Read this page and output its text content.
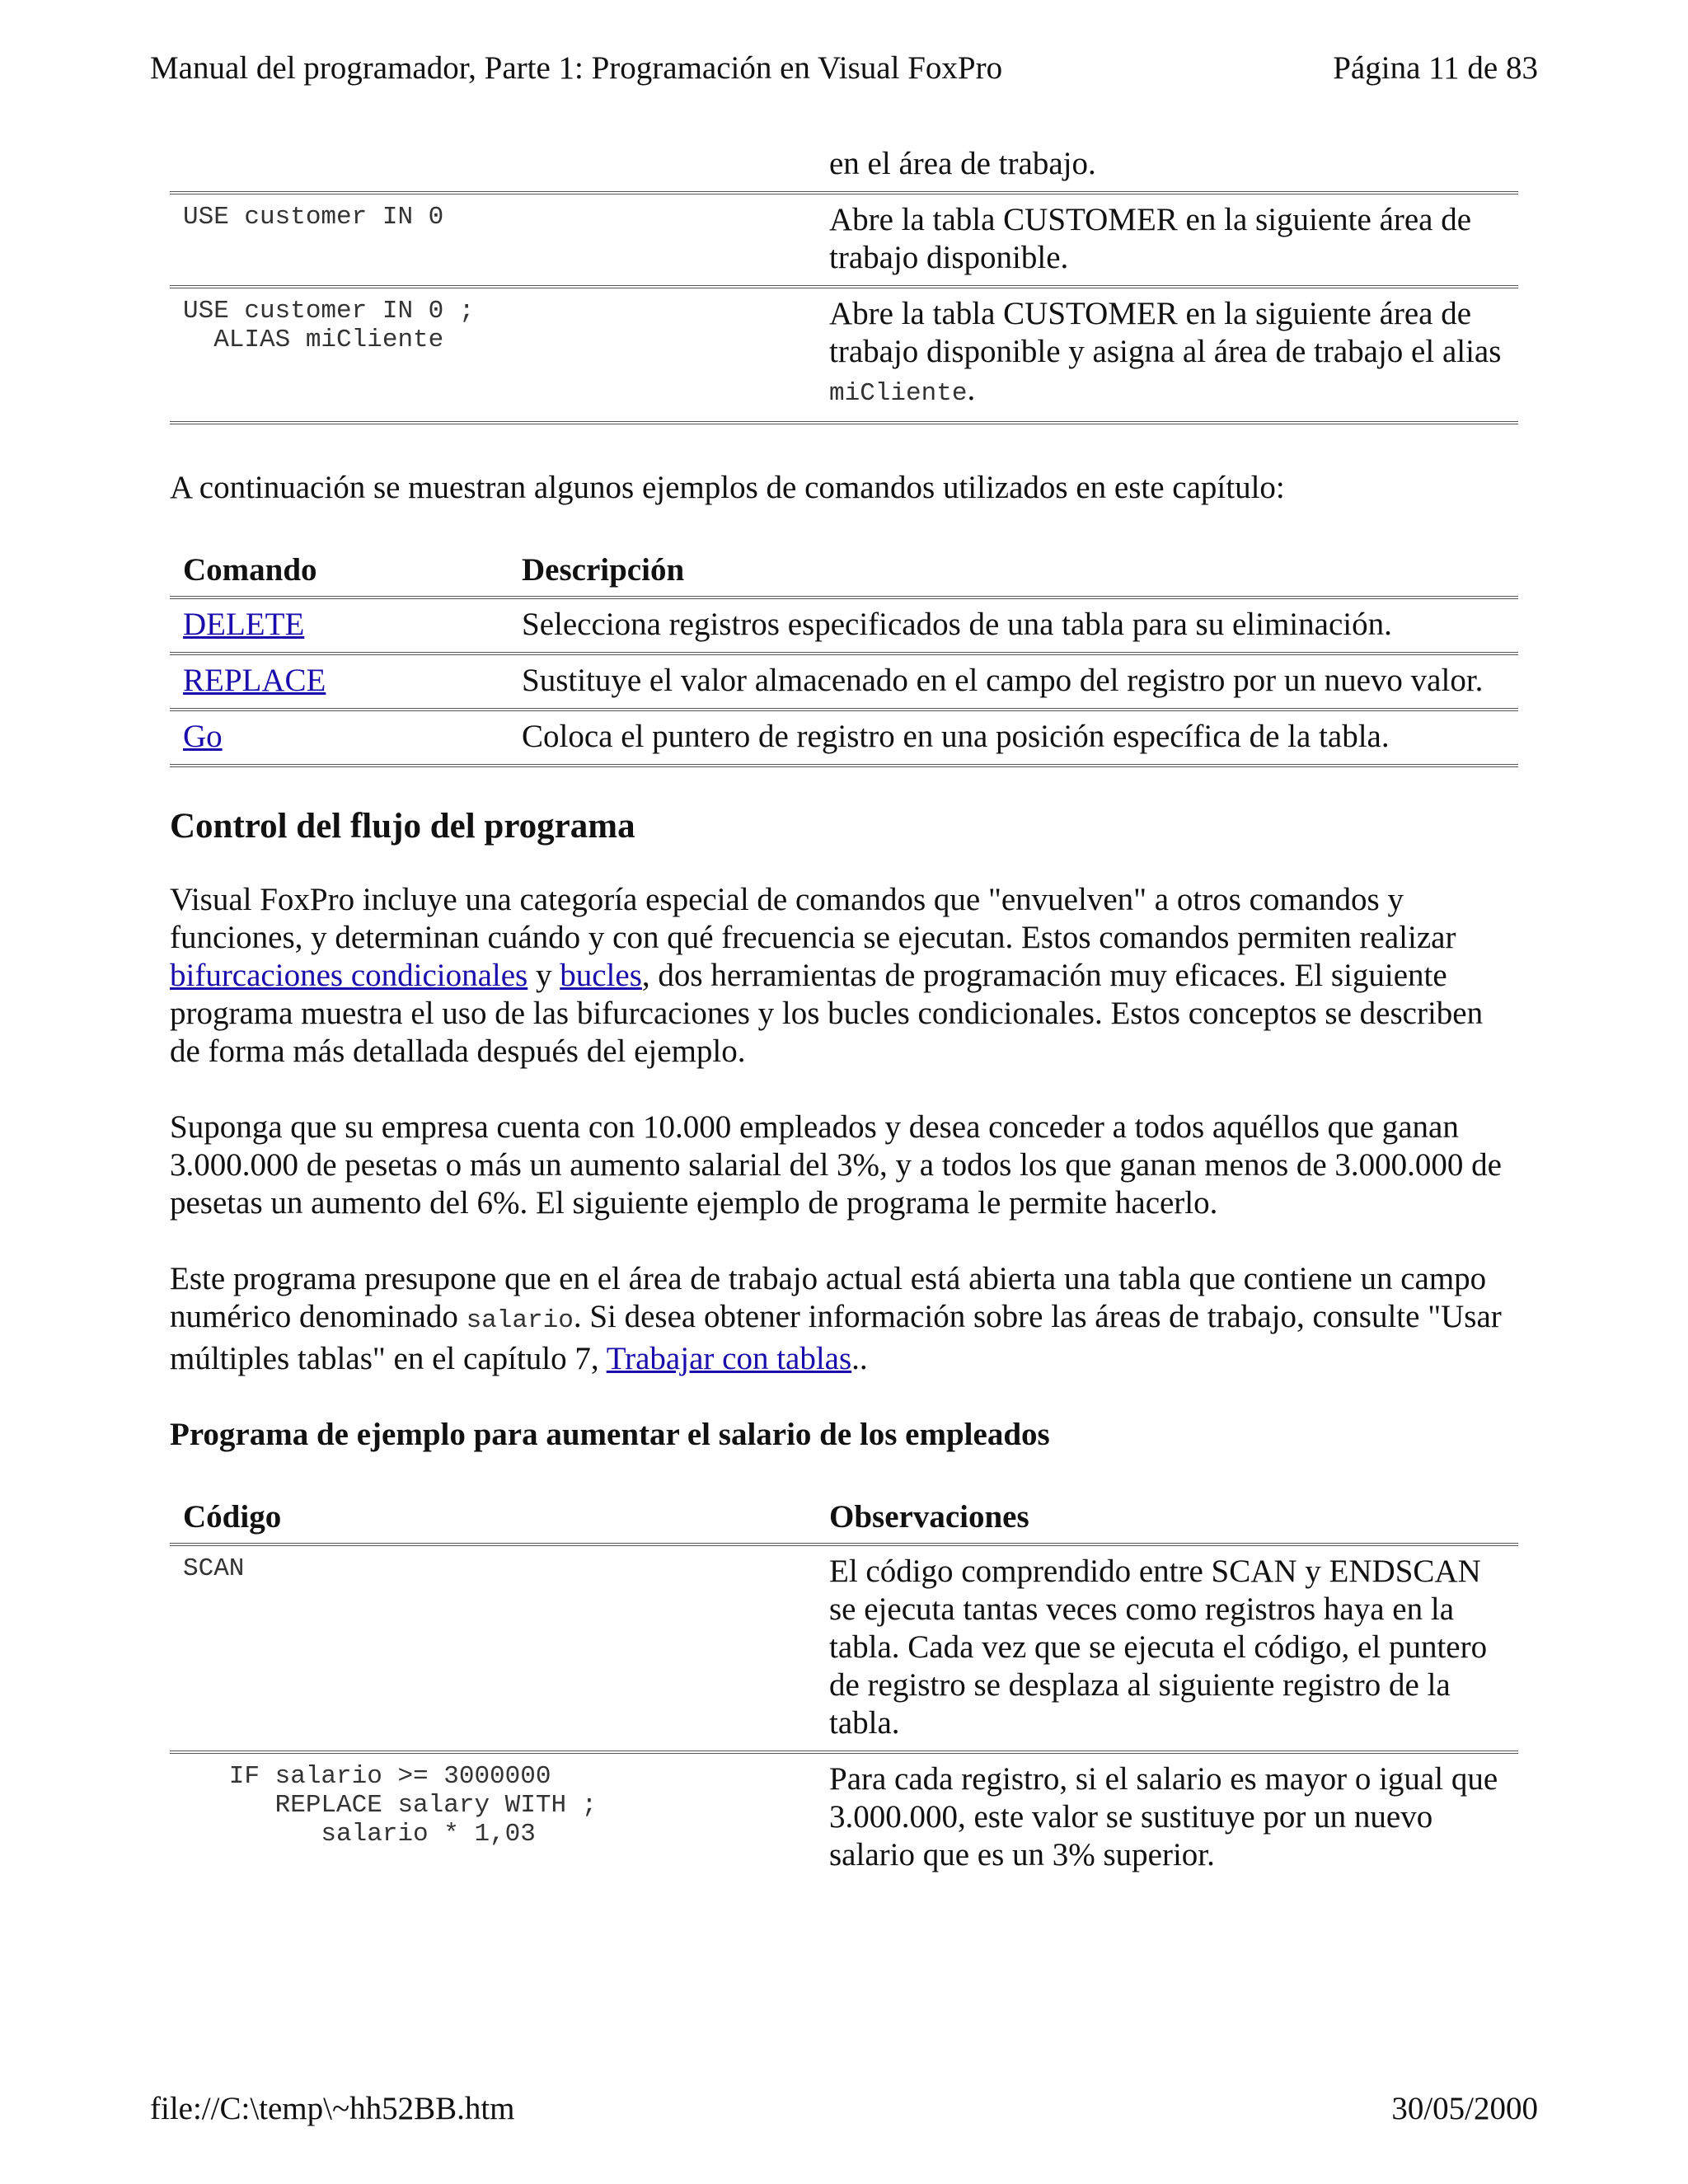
Manual del programador, Parte 1: Programación en Visual FoxPro	Página 11 de 83
	en el área de trabajo.
USE customer IN 0	Abre la tabla CUSTOMER en la siguiente área de trabajo disponible.
USE customer IN 0 ;
ALIAS miCliente	Abre la tabla CUSTOMER en la siguiente área de trabajo disponible y asigna al área de trabajo el alias miCliente.

A continuación se muestran algunos ejemplos de comandos utilizados en este capítulo:

Comando	Descripción
DELETE	Selecciona registros especificados de una tabla para su eliminación.
REPLACE	Sustituye el valor almacenado en el campo del registro por un nuevo valor.
Go	Coloca el puntero de registro en una posición específica de la tabla.
Control del flujo del programa

Visual FoxPro incluye una categoría especial de comandos que "envuelven" a otros comandos y funciones, y determinan cuándo y con qué frecuencia se ejecutan. Estos comandos permiten realizar bifurcaciones condicionales y bucles, dos herramientas de programación muy eficaces. El siguiente programa muestra el uso de las bifurcaciones y los bucles condicionales. Estos conceptos se describen de forma más detallada después del ejemplo.

Suponga que su empresa cuenta con 10.000 empleados y desea conceder a todos aquéllos que ganan 3.000.000 de pesetas o más un aumento salarial del 3%, y a todos los que ganan menos de 3.000.000 de pesetas un aumento del 6%. El siguiente ejemplo de programa le permite hacerlo.

Este programa presupone que en el área de trabajo actual está abierta una tabla que contiene un campo numérico denominado salario. Si desea obtener información sobre las áreas de trabajo, consulte "Usar múltiples tablas" en el capítulo 7, Trabajar con tablas..

Programa de ejemplo para aumentar el salario de los empleados

Código	Observaciones
SCAN	El código comprendido entre SCAN y ENDSCAN se ejecuta tantas veces como registros haya en la tabla. Cada vez que se ejecuta el código, el puntero de registro se desplaza al siguiente registro de la tabla.
IF salario >= 3000000
REPLACE salary WITH ;
salario * 1,03	Para cada registro, si el salario es mayor o igual que 3.000.000, este valor se sustituye por un nuevo salario que es un 3% superior.
file://C:\temp\~hh52BB.htm	30/05/2000
